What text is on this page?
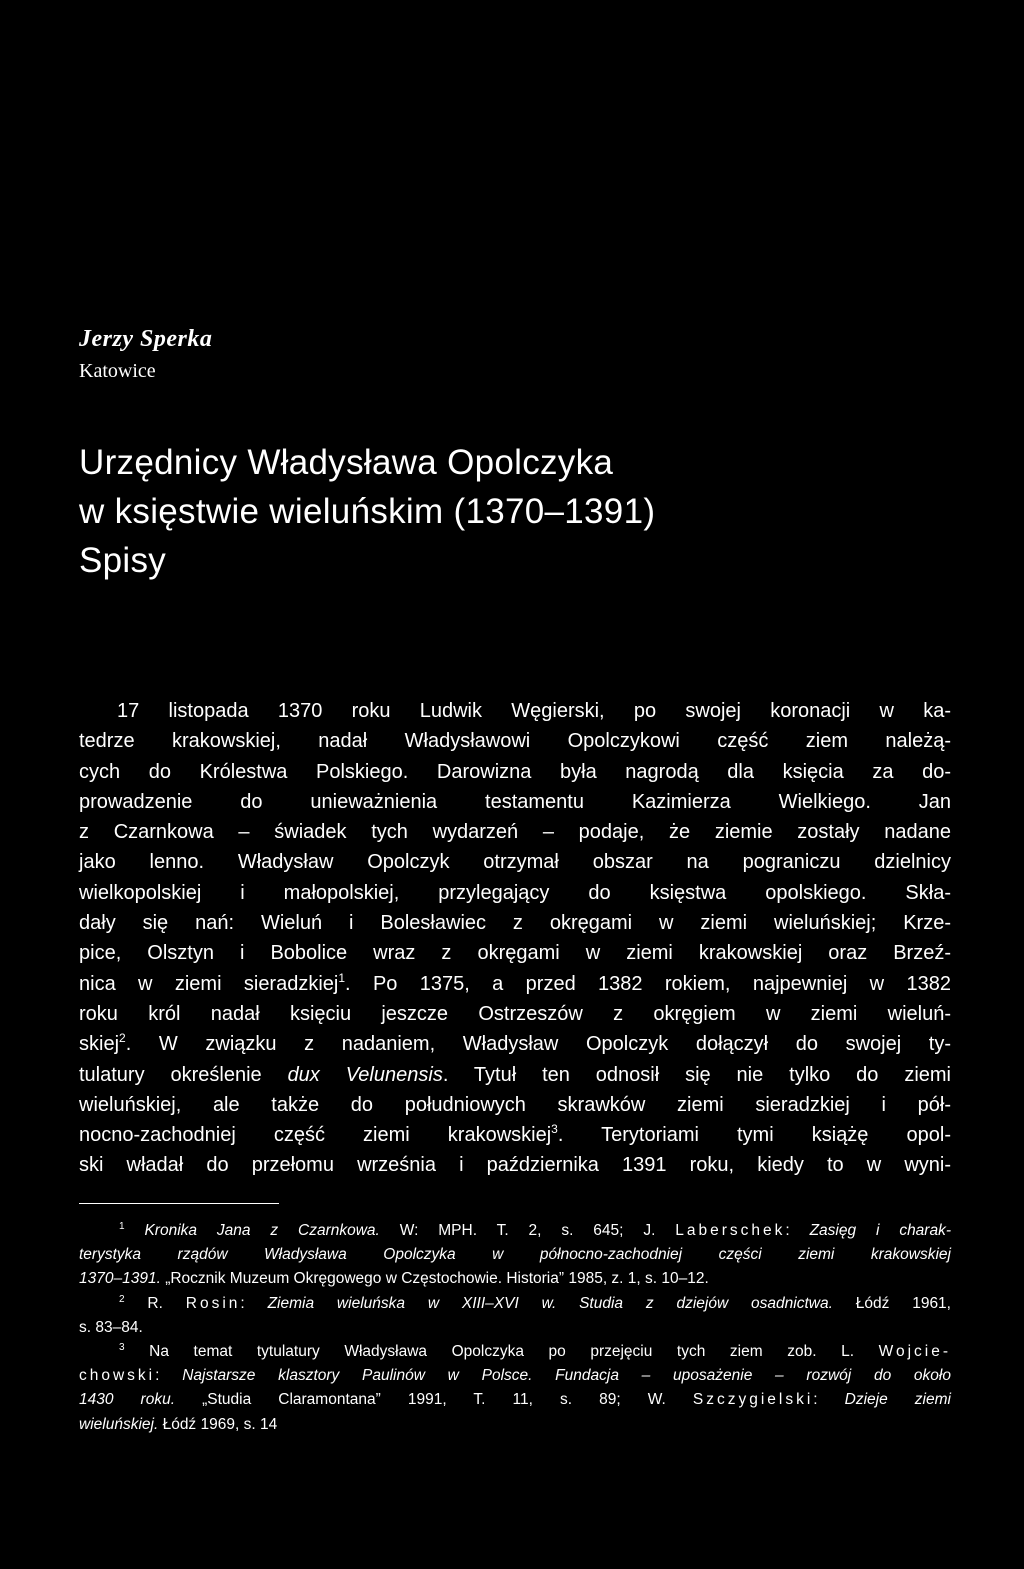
Jerzy Sperka

Katowice

Urzędnicy Władysława Opolczyka
w księstwie wieluńskim (1370–1391)
Spisy
17 listopada 1370 roku Ludwik Węgierski, po swojej koronacji w ka-
tedrze krakowskiej, nadał Władysławowi Opolczykowi część ziem należą-
cych do Królestwa Polskiego. Darowizna była nagrodą dla księcia za do-
prowadzenie do unieważnienia testamentu Kazimierza Wielkiego. Jan
z Czarnkowa – świadek tych wydarzeń – podaje, że ziemie zostały nadane
jako lenno. Władysław Opolczyk otrzymał obszar na pograniczu dzielnicy
wielkopolskiej i małopolskiej, przylegający do księstwa opolskiego. Skła-
dały się nań: Wieluń i Bolesławiec z okręgami w ziemi wieluńskiej; Krze-
pice, Olsztyn i Bobolice wraz z okręgami w ziemi krakowskiej oraz Brzeź-
nica w ziemi sieradzkiej$^1$. Po 1375, a przed 1382 rokiem, najpewniej w 1382
roku król nadał księciu jeszcze Ostrzeszów z okręgiem w ziemi wieluń-
skiej$^2$. W związku z nadaniem, Władysław Opolczyk dołączył do swojej ty-
tulatury określenie dux Velunensis. Tytuł ten odnosił się nie tylko do ziemi
wieluńskiej, ale także do południowych skrawków ziemi sieradzkiej i pół-
nocno-zachodniej część ziemi krakowskiej$^3$. Terytoriami tymi książę opol-
ski władał do przełomu września i października 1391 roku, kiedy to w wyni-
$^1$ Kronika Jana z Czarnkowa. W: MPH. T. 2, s. 645; J. Laberschek: Zasięg i charak-
terystyka rządów Władysława Opolczyka w północno-zachodniej części ziemi krakowskiej
1370–1391. „Rocznik Muzeum Okręgowego w Częstochowie. Historia” 1985, z. 1, s. 10–12.
$^2$ R. Rosin: Ziemia wieluńska w XIII–XVI w. Studia z dziejów osadnictwa. Łódź 1961,
s. 83–84.
$^3$ Na temat tytulatury Władysława Opolczyka po przejęciu tych ziem zob. L. Wojcie-
chowski: Najstarsze klasztory Paulinów w Polsce. Fundacja – uposażenie – rozwój do około
1430 roku. „Studia Claramontana” 1991, T. 11, s. 89; W. Szczygielski: Dzieje ziemi
wieluńskiej. Łódź 1969, s. 14
